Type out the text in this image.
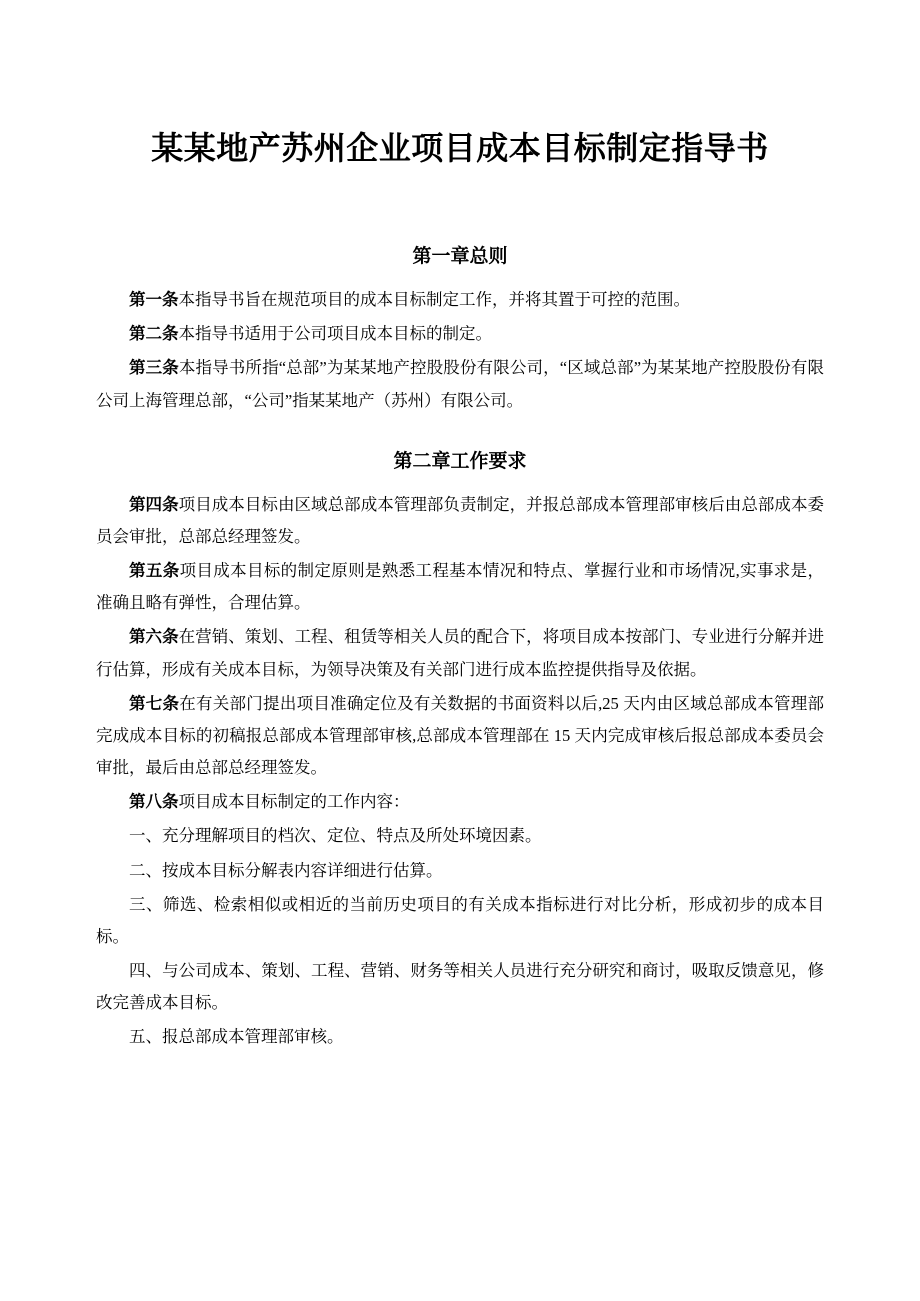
某某地产苏州企业项目成本目标制定指导书
第一章总则

第一条本指导书旨在规范项目的成本目标制定工作，并将其置于可控的范围。

第二条本指导书适用于公司项目成本目标的制定。

第三条本指导书所指“总部”为某某地产控股股份有限公司，“区域总部”为某某地产控股股份有限公司上海管理总部，“公司”指某某地产（苏州）有限公司。

第二章工作要求

第四条项目成本目标由区域总部成本管理部负责制定，并报总部成本管理部审核后由总部成本委员会审批，总部总经理签发。

第五条项目成本目标的制定原则是熟悉工程基本情况和特点、掌握行业和市场情况,实事求是，准确且略有弹性，合理估算。

第六条在营销、策划、工程、租赁等相关人员的配合下，将项目成本按部门、专业进行分解并进行估算，形成有关成本目标，为领导决策及有关部门进行成本监控提供指导及依据。

第七条在有关部门提出项目准确定位及有关数据的书面资料以后,25 天内由区域总部成本管理部完成成本目标的初稿报总部成本管理部审核,总部成本管理部在 15 天内完成审核后报总部成本委员会审批，最后由总部总经理签发。

第八条项目成本目标制定的工作内容：

一、充分理解项目的档次、定位、特点及所处环境因素。

二、按成本目标分解表内容详细进行估算。

三、筛选、检索相似或相近的当前历史项目的有关成本指标进行对比分析，形成初步的成本目标。

四、与公司成本、策划、工程、营销、财务等相关人员进行充分研究和商讨，吸取反馈意见，修改完善成本目标。

五、报总部成本管理部审核。
